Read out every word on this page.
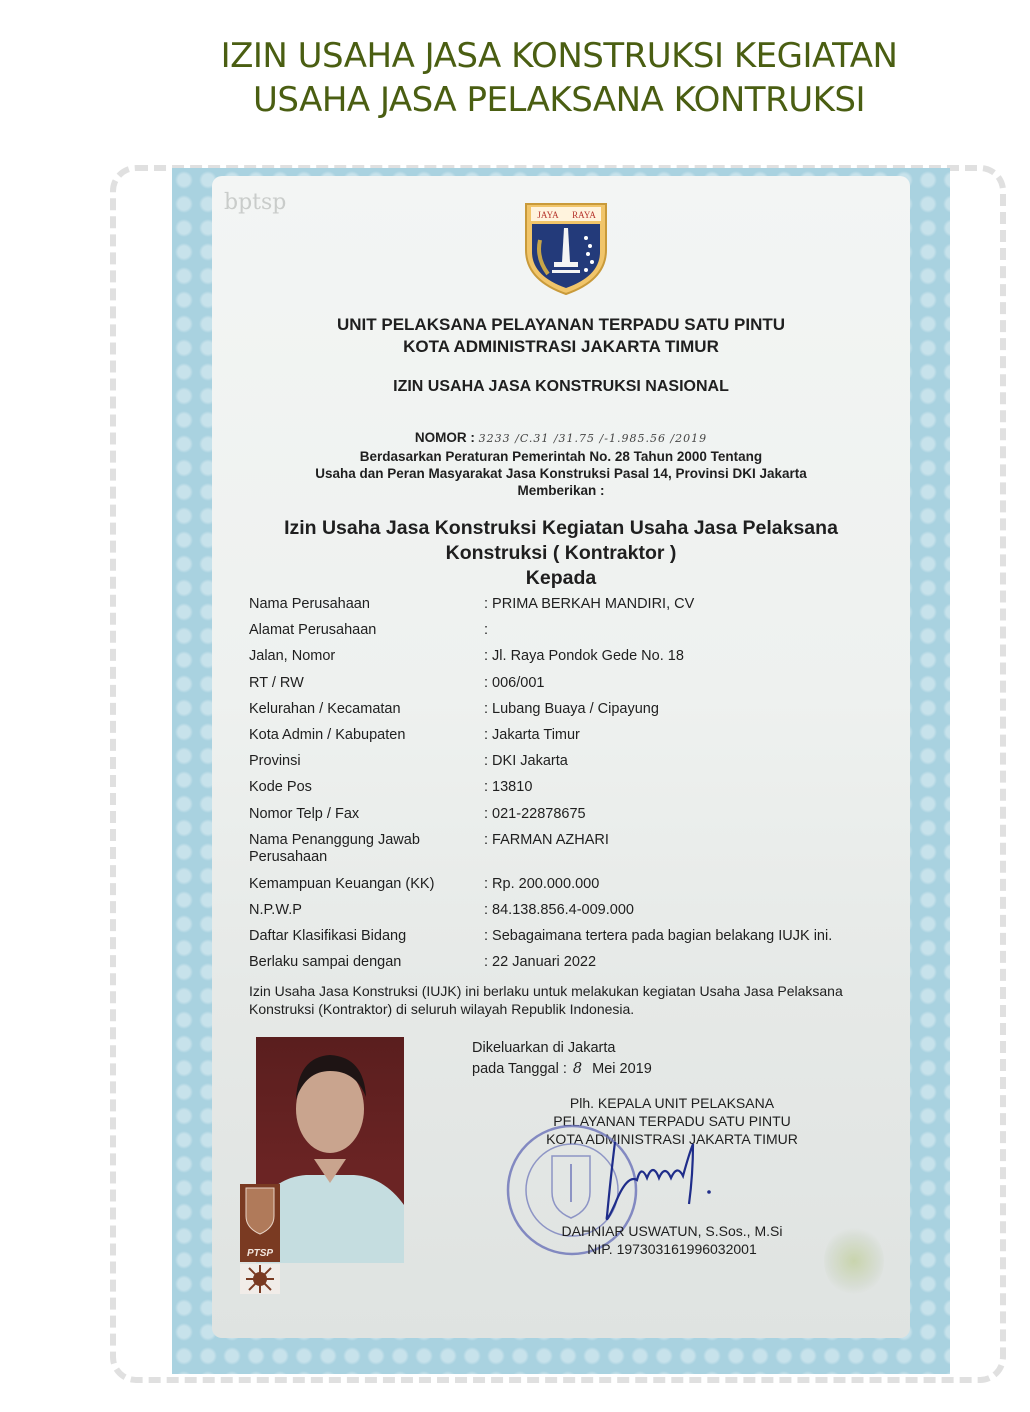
IZIN USAHA JASA KONSTRUKSI KEGIATAN
USAHA JASA PELAKSANA KONTRUKSI
bptsp	JAYA RAYA
UNIT PELAKSANA PELAYANAN TERPADU SATU PINTU
KOTA ADMINISTRASI JAKARTA TIMUR
IZIN USAHA JASA KONSTRUKSI NASIONAL
NOMOR : 3233 /C.31 /31.75 /-1.985.56 /2019
Berdasarkan Peraturan Pemerintah No. 28 Tahun 2000 Tentang
Usaha dan Peran Masyarakat Jasa Konstruksi Pasal 14, Provinsi DKI Jakarta
Memberikan :
Izin Usaha Jasa Konstruksi Kegiatan Usaha Jasa Pelaksana
Konstruksi ( Kontraktor )
Kepada
Nama Perusahaan	: PRIMA BERKAH MANDIRI, CV
Alamat Perusahaan	:
Jalan, Nomor	: Jl. Raya Pondok Gede No. 18
RT / RW	: 006/001
Kelurahan / Kecamatan	: Lubang Buaya / Cipayung
Kota Admin / Kabupaten	: Jakarta Timur
Provinsi	: DKI Jakarta
Kode Pos	: 13810
Nomor Telp / Fax	: 021-22878675
Nama Penanggung Jawab Perusahaan
: FARMAN AZHARI
Kemampuan Keuangan (KK)	: Rp. 200.000.000
N.P.W.P	: 84.138.856.4-009.000
Daftar Klasifikasi Bidang	: Sebagaimana tertera pada bagian belakang IUJK ini.
Berlaku sampai dengan	: 22 Januari 2022
Izin Usaha Jasa Konstruksi (IUJK) ini berlaku untuk melakukan kegiatan Usaha Jasa Pelaksana Konstruksi (Kontraktor) di seluruh wilayah Republik Indonesia.
PTSP
Dikeluarkan di Jakarta
pada Tanggal : 8 Mei 2019
Plh. KEPALA UNIT PELAKSANA
PELAYANAN TERPADU SATU PINTU
KOTA ADMINISTRASI JAKARTA TIMUR
DAHNIAR USWATUN, S.Sos., M.Si
NIP. 197303161996032001
